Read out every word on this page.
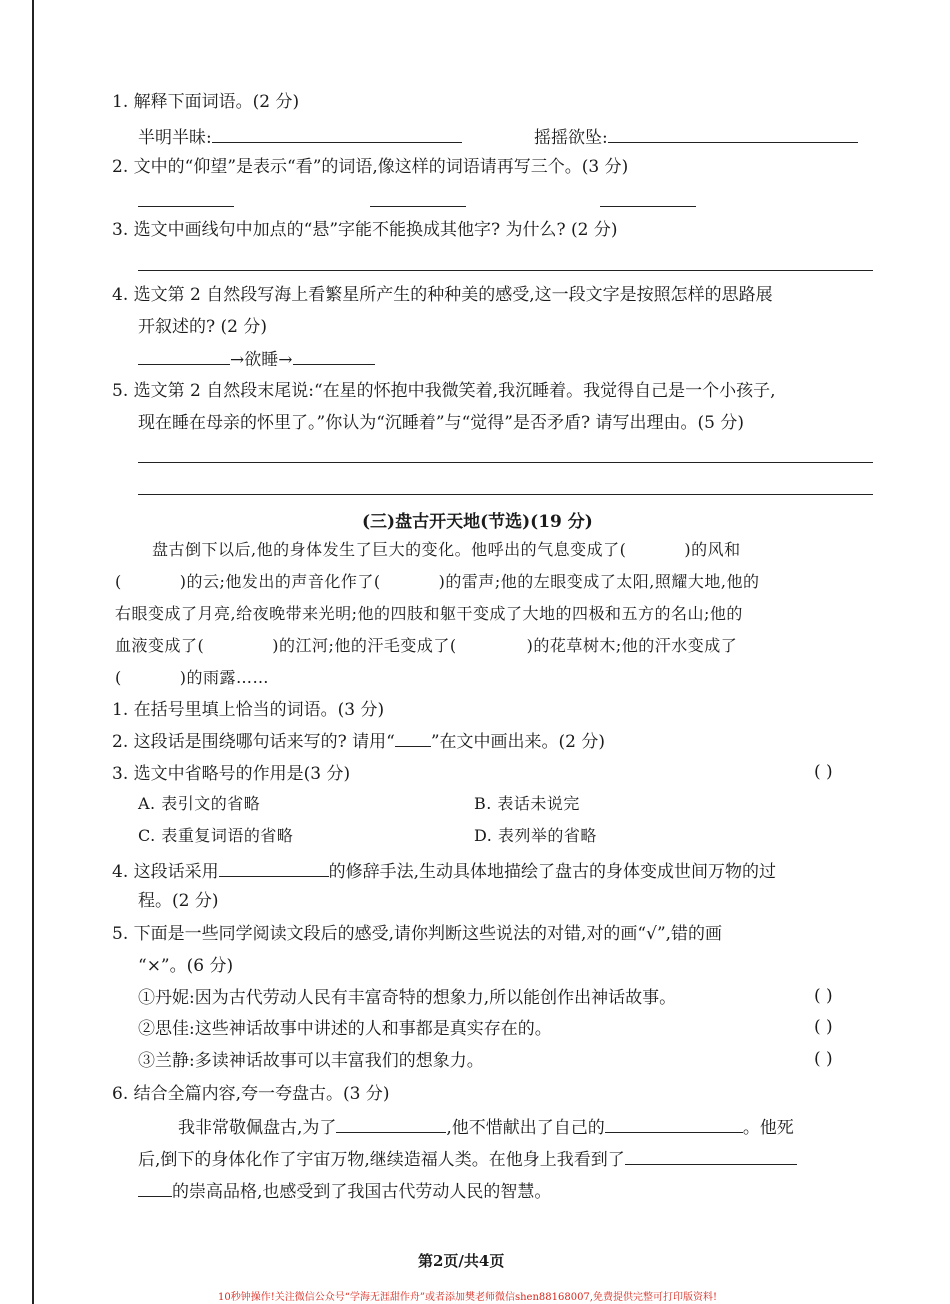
1. 解释下面词语。(2 分)
半明半昧:	摇摇欲坠:
2. 文中的“仰望”是表示“看”的词语,像这样的词语请再写三个。(3 分)
3. 选文中画线句中加点的“悬”字能不能换成其他字? 为什么? (2 分)
4. 选文第 2 自然段写海上看繁星所产生的种种美的感受,这一段文字是按照怎样的思路展
开叙述的? (2 分)
→欲睡→
5. 选文第 2 自然段末尾说:“在星的怀抱中我微笑着,我沉睡着。我觉得自己是一个小孩子,
现在睡在母亲的怀里了。”你认为“沉睡着”与“觉得”是否矛盾? 请写出理由。(5 分)
(三)盘古开天地(节选)(19 分)
盘古倒下以后,他的身体发生了巨大的变化。他呼出的气息变成了(	)的风和
(	)的云;他发出的声音化作了(	)的雷声;他的左眼变成了太阳,照耀大地,他的
右眼变成了月亮,给夜晚带来光明;他的四肢和躯干变成了大地的四极和五方的名山;他的
血液变成了(	)的江河;他的汗毛变成了(	)的花草树木;他的汗水变成了
(	)的雨露……
1. 在括号里填上恰当的词语。(3 分)
2. 这段话是围绕哪句话来写的? 请用“ ”在文中画出来。(2 分)
3. 选文中省略号的作用是(3 分)	( )
A. 表引文的省略	B. 表话未说完
C. 表重复词语的省略	D. 表列举的省略
4. 这段话采用	的修辞手法,生动具体地描绘了盘古的身体变成世间万物的过
程。(2 分)
5. 下面是一些同学阅读文段后的感受,请你判断这些说法的对错,对的画“√”,错的画
“×”。(6 分)
①丹妮:因为古代劳动人民有丰富奇特的想象力,所以能创作出神话故事。	( )
②思佳:这些神话故事中讲述的人和事都是真实存在的。	( )
③兰静:多读神话故事可以丰富我们的想象力。	( )
6. 结合全篇内容,夸一夸盘古。(3 分)
我非常敬佩盘古,为了	,他不惜献出了自己的	。他死
后,倒下的身体化作了宇宙万物,继续造福人类。在他身上我看到了
的崇高品格,也感受到了我国古代劳动人民的智慧。
第2页/共4页
10秒钟操作!关注微信公众号“学海无涯甜作舟”或者添加樊老师微信shen88168007,免费提供完整可打印版资料!
